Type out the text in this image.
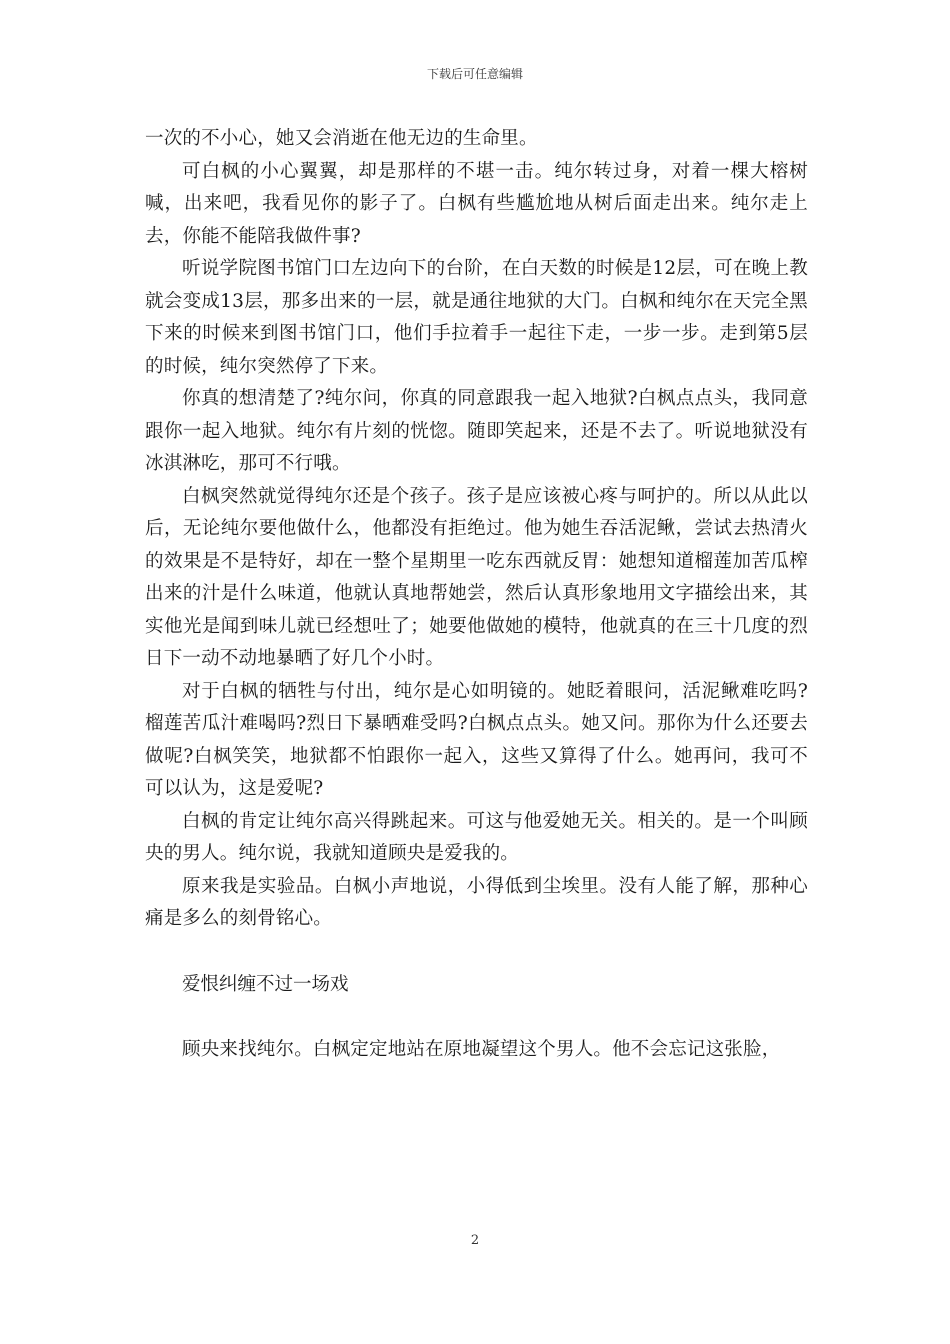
下载后可任意编辑

一次的不小心，她又会消逝在他无边的生命里。

可白枫的小心翼翼，却是那样的不堪一击。纯尔转过身，对着一棵大榕树喊，出来吧，我看见你的影子了。白枫有些尴尬地从树后面走出来。纯尔走上去，你能不能陪我做件事?

听说学院图书馆门口左边向下的台阶，在白天数的时候是12层，可在晚上教就会变成13层，那多出来的一层，就是通往地狱的大门。白枫和纯尔在天完全黑下来的时候来到图书馆门口，他们手拉着手一起往下走，一步一步。走到第5层的时候，纯尔突然停了下来。

你真的想清楚了?纯尔问，你真的同意跟我一起入地狱?白枫点点头，我同意跟你一起入地狱。纯尔有片刻的恍惚。随即笑起来，还是不去了。听说地狱没有冰淇淋吃，那可不行哦。

白枫突然就觉得纯尔还是个孩子。孩子是应该被心疼与呵护的。所以从此以后，无论纯尔要他做什么，他都没有拒绝过。他为她生吞活泥鳅，尝试去热清火的效果是不是特好，却在一整个星期里一吃东西就反胃：她想知道榴莲加苦瓜榨出来的汁是什么味道，他就认真地帮她尝，然后认真形象地用文字描绘出来，其实他光是闻到味儿就已经想吐了；她要他做她的模特，他就真的在三十几度的烈日下一动不动地暴晒了好几个小时。

对于白枫的牺牲与付出，纯尔是心如明镜的。她眨着眼问，活泥鳅难吃吗?榴莲苦瓜汁难喝吗?烈日下暴晒难受吗?白枫点点头。她又问。那你为什么还要去做呢?白枫笑笑，地狱都不怕跟你一起入，这些又算得了什么。她再问，我可不可以认为，这是爱呢?

白枫的肯定让纯尔高兴得跳起来。可这与他爱她无关。相关的。是一个叫顾央的男人。纯尔说，我就知道顾央是爱我的。

原来我是实验品。白枫小声地说，小得低到尘埃里。没有人能了解，那种心痛是多么的刻骨铭心。

爱恨纠缠不过一场戏

顾央来找纯尔。白枫定定地站在原地凝望这个男人。他不会忘记这张脸，

2
